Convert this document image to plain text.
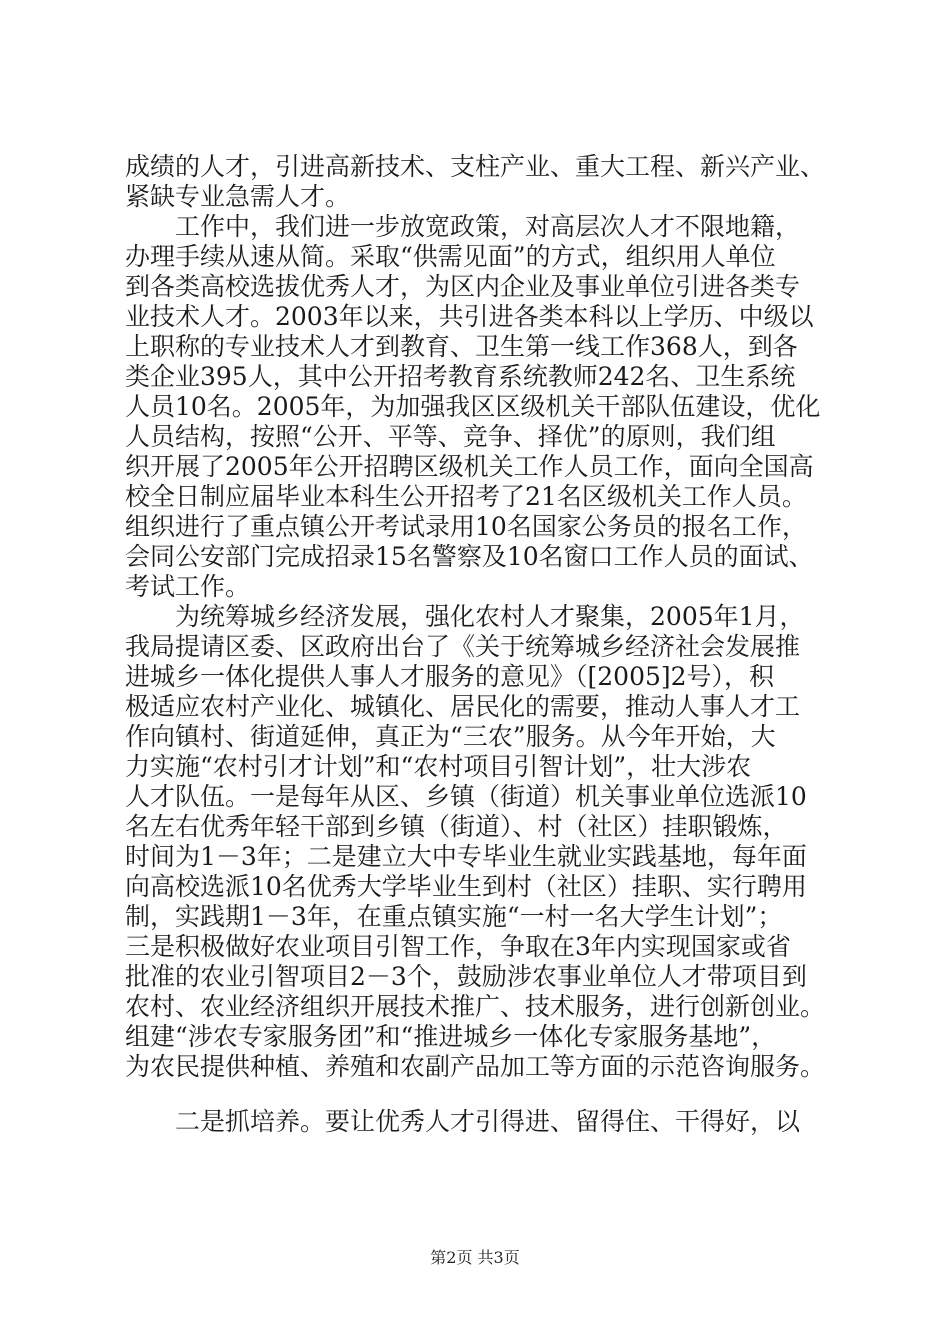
成绩的人才，引进高新技术、支柱产业、重大工程、新兴产业、
紧缺专业急需人才。
　　工作中，我们进一步放宽政策，对高层次人才不限地籍，
办理手续从速从简。采取“供需见面”的方式，组织用人单位
到各类高校选拔优秀人才，为区内企业及事业单位引进各类专
业技术人才。2003年以来，共引进各类本科以上学历、中级以
上职称的专业技术人才到教育、卫生第一线工作368人，到各
类企业395人，其中公开招考教育系统教师242名、卫生系统
人员10名。2005年，为加强我区区级机关干部队伍建设，优化
人员结构，按照“公开、平等、竞争、择优”的原则，我们组
织开展了2005年公开招聘区级机关工作人员工作，面向全国高
校全日制应届毕业本科生公开招考了21名区级机关工作人员。
组织进行了重点镇公开考试录用10名国家公务员的报名工作，
会同公安部门完成招录15名警察及10名窗口工作人员的面试、
考试工作。
　　为统筹城乡经济发展，强化农村人才聚集，2005年1月，
我局提请区委、区政府出台了《关于统筹城乡经济社会发展推
进城乡一体化提供人事人才服务的意见》（[2005]2号），积
极适应农村产业化、城镇化、居民化的需要，推动人事人才工
作向镇村、街道延伸，真正为“三农”服务。从今年开始，大
力实施“农村引才计划”和“农村项目引智计划”，壮大涉农
人才队伍。一是每年从区、乡镇（街道）机关事业单位选派10
名左右优秀年轻干部到乡镇（街道）、村（社区）挂职锻炼，
时间为1－3年；二是建立大中专毕业生就业实践基地，每年面
向高校选派10名优秀大学毕业生到村（社区）挂职、实行聘用
制，实践期1－3年，在重点镇实施“一村一名大学生计划”；
三是积极做好农业项目引智工作，争取在3年内实现国家或省
批准的农业引智项目2－3个，鼓励涉农事业单位人才带项目到
农村、农业经济组织开展技术推广、技术服务，进行创新创业。
组建“涉农专家服务团”和“推进城乡一体化专家服务基地”，
为农民提供种植、养殖和农副产品加工等方面的示范咨询服务。
　　二是抓培养。要让优秀人才引得进、留得住、干得好，以
第2页 共3页
